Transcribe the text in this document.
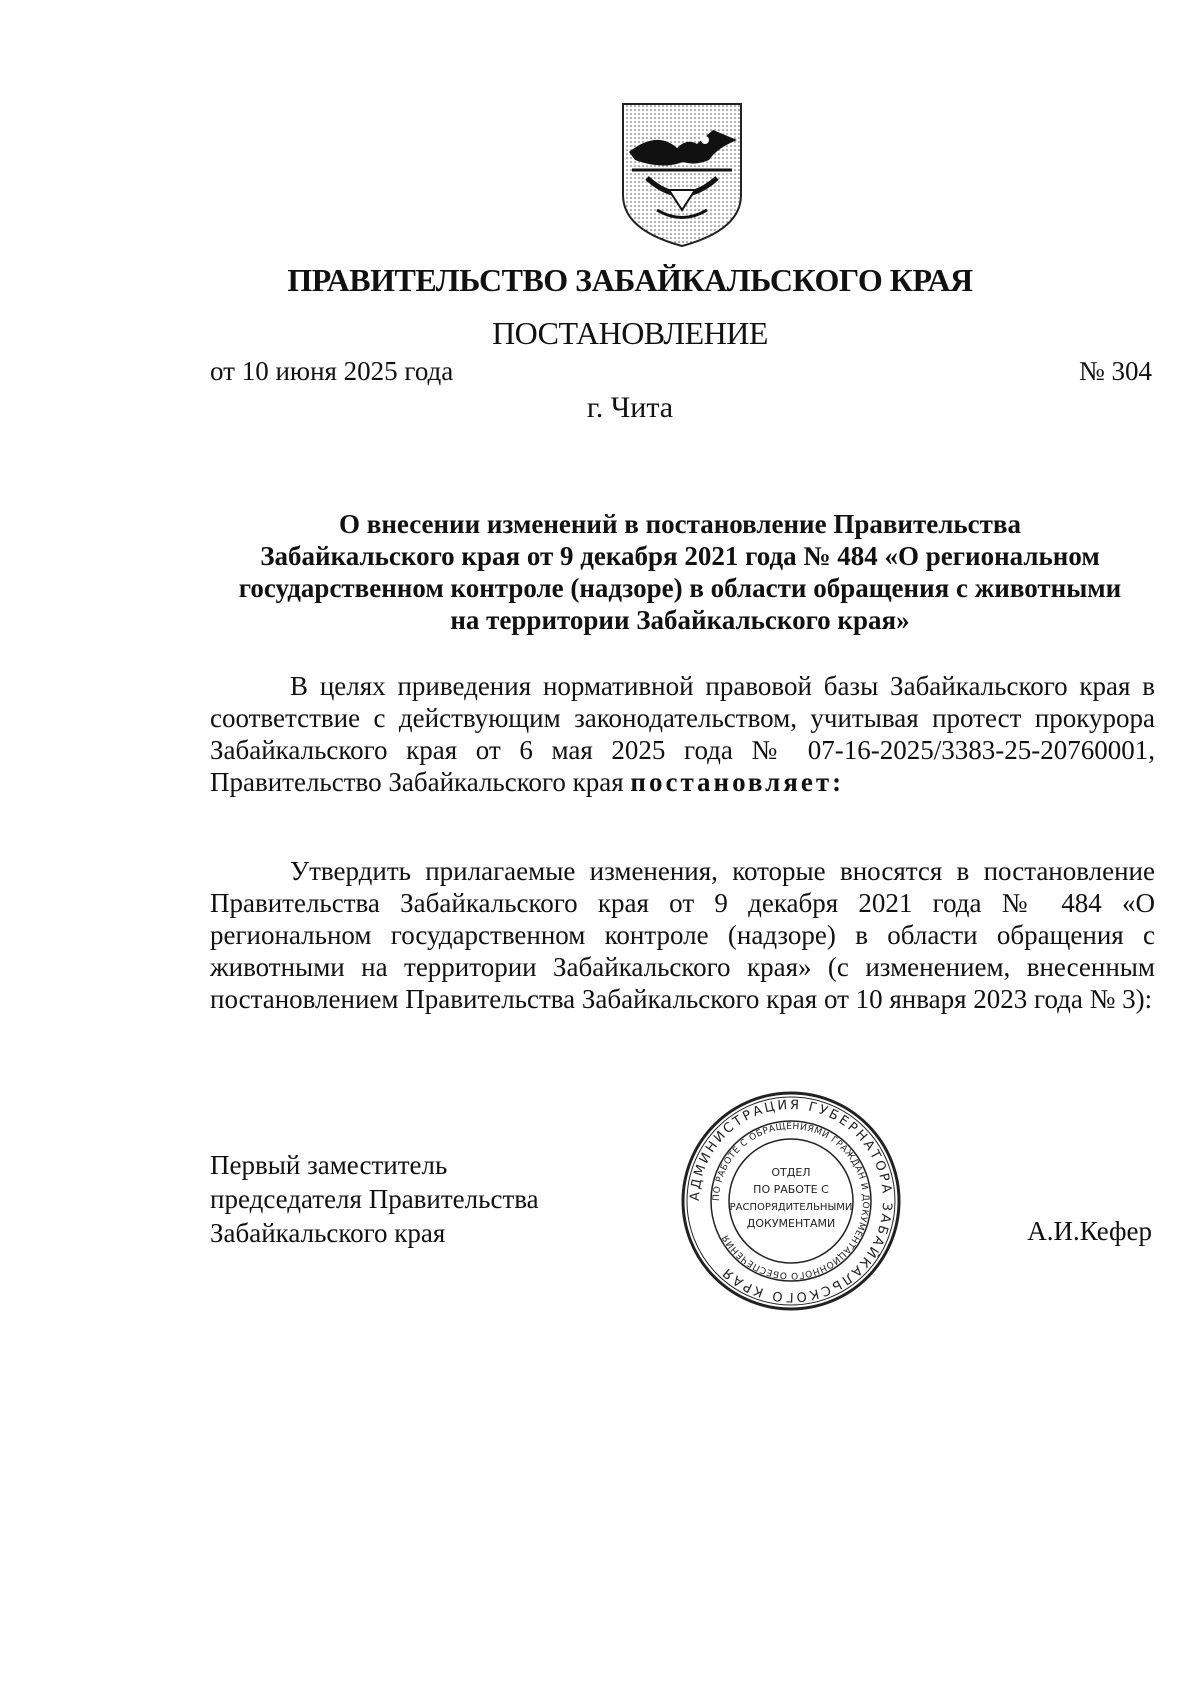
ПРАВИТЕЛЬСТВО ЗАБАЙКАЛЬСКОГО КРАЯ
ПОСТАНОВЛЕНИЕ
от 10 июня 2025 года	№ 304
г. Чита
О внесении изменений в постановление Правительства
Забайкальского края от 9 декабря 2021 года № 484 «О региональном
государственном контроле (надзоре) в области обращения с животными
на территории Забайкальского края»
В целях приведения нормативной правовой базы Забайкальского края в соответствие с действующим законодательством, учитывая протест прокурора Забайкальского края от 6 мая 2025 года № 07-16-2025/3383-25-20760001, Правительство Забайкальского края постановляет:
Утвердить прилагаемые изменения, которые вносятся в постановление Правительства Забайкальского края от 9 декабря 2021 года № 484 «О региональном государственном контроле (надзоре) в области обращения с животными на территории Забайкальского края» (с изменением, внесенным постановлением Правительства Забайкальского края от 10 января 2023 года № 3):
Первый заместитель
председателя Правительства
Забайкальского края
АДМИНИСТРАЦИЯ ГУБЕРНАТОРА ЗАБАЙКАЛЬСКОГО КРАЯ
ПО РАБОТЕ С ОБРАЩЕНИЯМИ ГРАЖДАН И ДОКУМЕНТАЦИОННОГО ОБЕСПЕЧЕНИЯ
ОТДЕЛ
ПО РАБОТЕ С
РАСПОРЯДИТЕЛЬНЫМИ
ДОКУМЕНТАМИ	А.И.Кефер
